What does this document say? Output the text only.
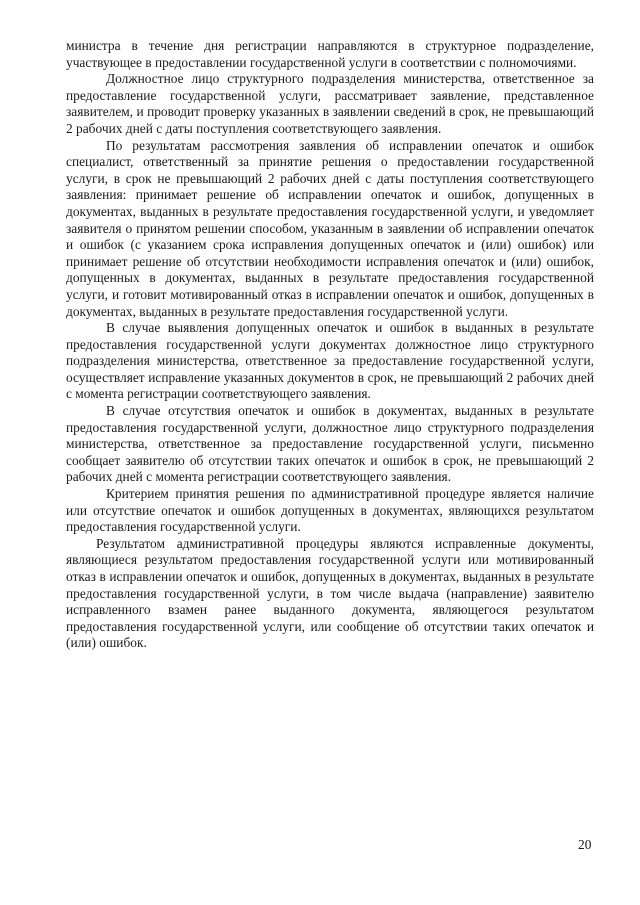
министра в течение дня регистрации направляются в структурное подразделение, участвующее в предоставлении государственной услуги в соответствии с полномочиями.

Должностное лицо структурного подразделения министерства, ответственное за предоставление государственной услуги, рассматривает заявление, представленное заявителем, и проводит проверку указанных в заявлении сведений в срок, не превышающий 2 рабочих дней с даты поступления соответствующего заявления.

По результатам рассмотрения заявления об исправлении опечаток и ошибок специалист, ответственный за принятие решения о предоставлении государственной услуги, в срок не превышающий 2 рабочих дней с даты поступления соответствующего заявления: принимает решение об исправлении опечаток и ошибок, допущенных в документах, выданных в результате предоставления государственной услуги, и уведомляет заявителя о принятом решении способом, указанным в заявлении об исправлении опечаток и ошибок (с указанием срока исправления допущенных опечаток и (или) ошибок) или принимает решение об отсутствии необходимости исправления опечаток и (или) ошибок, допущенных в документах, выданных в результате предоставления государственной услуги, и готовит мотивированный отказ в исправлении опечаток и ошибок, допущенных в документах, выданных в результате предоставления государственной услуги.

В случае выявления допущенных опечаток и ошибок в выданных в результате предоставления государственной услуги документах должностное лицо структурного подразделения министерства, ответственное за предоставление государственной услуги, осуществляет исправление указанных документов в срок, не превышающий 2 рабочих дней с момента регистрации соответствующего заявления.

В случае отсутствия опечаток и ошибок в документах, выданных в результате предоставления государственной услуги, должностное лицо структурного подразделения министерства, ответственное за предоставление государственной услуги, письменно сообщает заявителю об отсутствии таких опечаток и ошибок в срок, не превышающий 2 рабочих дней с момента регистрации соответствующего заявления.

Критерием принятия решения по административной процедуре является наличие или отсутствие опечаток и ошибок допущенных в документах, являющихся результатом предоставления государственной услуги.

Результатом административной процедуры являются исправленные документы, являющиеся результатом предоставления государственной услуги или мотивированный отказ в исправлении опечаток и ошибок, допущенных в документах, выданных в результате предоставления государственной услуги, в том числе выдача (направление) заявителю исправленного взамен ранее выданного документа, являющегося результатом предоставления государственной услуги, или сообщение об отсутствии таких опечаток и (или) ошибок.

20
